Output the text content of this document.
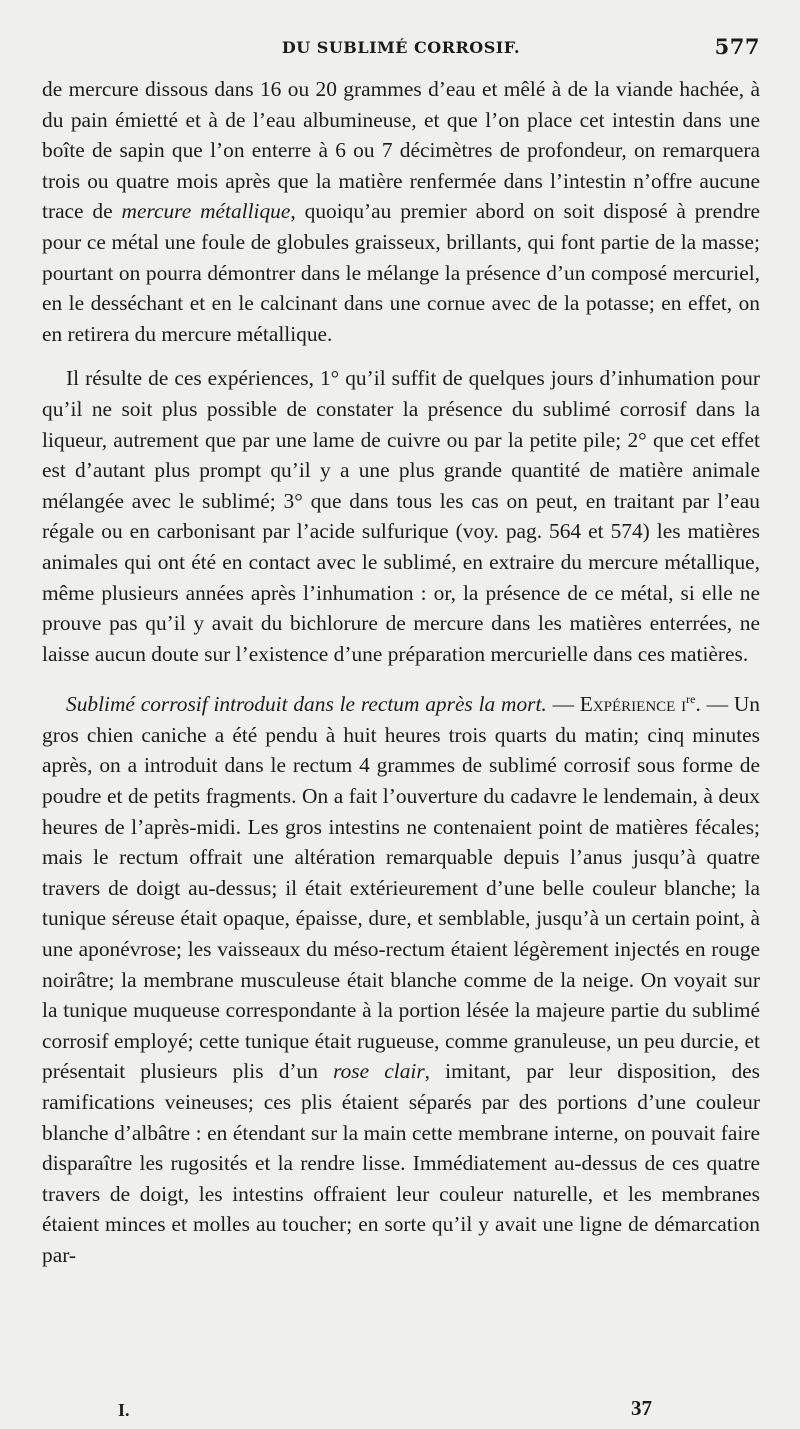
DU SUBLIMÉ CORROSIF.	577

de mercure dissous dans 16 ou 20 grammes d’eau et mêlé à de la viande hachée, à du pain émietté et à de l’eau albumineuse, et que l’on place cet intestin dans une boîte de sapin que l’on enterre à 6 ou 7 décimètres de profondeur, on remarquera trois ou quatre mois après que la matière renfermée dans l’intestin n’offre aucune trace de mercure métallique, quoiqu’au premier abord on soit disposé à prendre pour ce métal une foule de globules graisseux, brillants, qui font partie de la masse; pourtant on pourra démontrer dans le mélange la présence d’un composé mercuriel, en le desséchant et en le calcinant dans une cornue avec de la potasse; en effet, on en retirera du mercure métallique.

Il résulte de ces expériences, 1° qu’il suffit de quelques jours d’inhumation pour qu’il ne soit plus possible de constater la présence du sublimé corrosif dans la liqueur, autrement que par une lame de cuivre ou par la petite pile; 2° que cet effet est d’autant plus prompt qu’il y a une plus grande quantité de matière animale mélangée avec le sublimé; 3° que dans tous les cas on peut, en traitant par l’eau régale ou en carbonisant par l’acide sulfurique (voy. pag. 564 et 574) les matières animales qui ont été en contact avec le sublimé, en extraire du mercure métallique, même plusieurs années après l’inhumation : or, la présence de ce métal, si elle ne prouve pas qu’il y avait du bichlorure de mercure dans les matières enterrées, ne laisse aucun doute sur l’existence d’une préparation mercurielle dans ces matières.

Sublimé corrosif introduit dans le rectum après la mort. — Expérience $i^{re}$. — Un gros chien caniche a été pendu à huit heures trois quarts du matin; cinq minutes après, on a introduit dans le rectum 4 grammes de sublimé corrosif sous forme de poudre et de petits fragments. On a fait l’ouverture du cadavre le lendemain, à deux heures de l’après-midi. Les gros intestins ne contenaient point de matières fécales; mais le rectum offrait une altération remarquable depuis l’anus jusqu’à quatre travers de doigt au-dessus; il était extérieurement d’une belle couleur blanche; la tunique séreuse était opaque, épaisse, dure, et semblable, jusqu’à un certain point, à une aponévrose; les vaisseaux du méso-rectum étaient légèrement injectés en rouge noirâtre; la membrane musculeuse était blanche comme de la neige. On voyait sur la tunique muqueuse correspondante à la portion lésée la majeure partie du sublimé corrosif employé; cette tunique était rugueuse, comme granuleuse, un peu durcie, et présentait plusieurs plis d’un rose clair, imitant, par leur disposition, des ramifications veineuses; ces plis étaient séparés par des portions d’une couleur blanche d’albâtre : en étendant sur la main cette membrane interne, on pouvait faire disparaître les rugosités et la rendre lisse. Immédiatement au-dessus de ces quatre travers de doigt, les intestins offraient leur couleur naturelle, et les membranes étaient minces et molles au toucher; en sorte qu’il y avait une ligne de démarcation par-

I.	37
